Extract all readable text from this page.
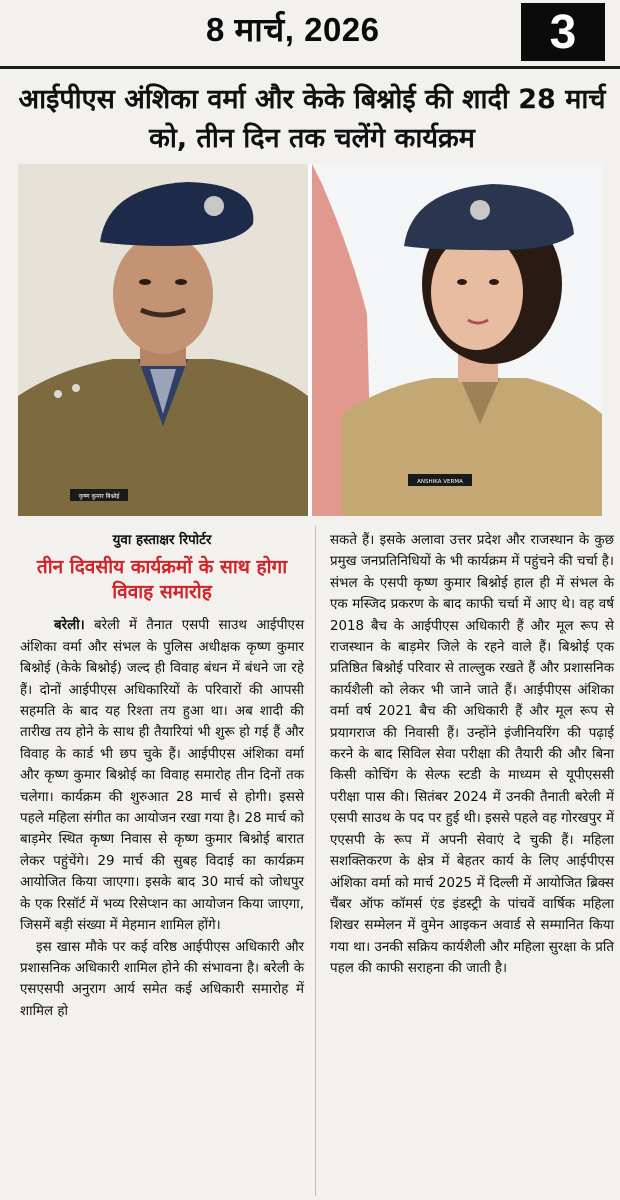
8 मार्च, 2026	3
आईपीएस अंशिका वर्मा और केके बिश्नोई की शादी 28 मार्च को, तीन दिन तक चलेंगे कार्यक्रम
कृष्ण कुमार बिश्नोई
ANSHIKA VERMA
युवा हस्ताक्षर रिपोर्टर
तीन दिवसीय कार्यक्रमों के साथ होगा विवाह समारोह

बरेली। बरेली में तैनात एसपी साउथ आईपीएस अंशिका वर्मा और संभल के पुलिस अधीक्षक कृष्ण कुमार बिश्नोई (केके बिश्नोई) जल्द ही विवाह बंधन में बंधने जा रहे हैं। दोनों आईपीएस अधिकारियों के परिवारों की आपसी सहमति के बाद यह रिश्ता तय हुआ था। अब शादी की तारीख तय होने के साथ ही तैयारियां भी शुरू हो गई हैं और विवाह के कार्ड भी छप चुके हैं। आईपीएस अंशिका वर्मा और कृष्ण कुमार बिश्नोई का विवाह समारोह तीन दिनों तक चलेगा। कार्यक्रम की शुरुआत 28 मार्च से होगी। इससे पहले महिला संगीत का आयोजन रखा गया है। 28 मार्च को बाड़मेर स्थित कृष्ण निवास से कृष्ण कुमार बिश्नोई बारात लेकर पहुंचेंगे। 29 मार्च की सुबह विदाई का कार्यक्रम आयोजित किया जाएगा। इसके बाद 30 मार्च को जोधपुर के एक रिसॉर्ट में भव्य रिसेप्शन का आयोजन किया जाएगा, जिसमें बड़ी संख्या में मेहमान शामिल होंगे।

इस खास मौके पर कई वरिष्ठ आईपीएस अधिकारी और प्रशासनिक अधिकारी शामिल होने की संभावना है। बरेली के एसएसपी अनुराग आर्य समेत कई अधिकारी समारोह में शामिल हो

सकते हैं। इसके अलावा उत्तर प्रदेश और राजस्थान के कुछ प्रमुख जनप्रतिनिधियों के भी कार्यक्रम में पहुंचने की चर्चा है। संभल के एसपी कृष्ण कुमार बिश्नोई हाल ही में संभल के एक मस्जिद प्रकरण के बाद काफी चर्चा में आए थे। वह वर्ष 2018 बैच के आईपीएस अधिकारी हैं और मूल रूप से राजस्थान के बाड़मेर जिले के रहने वाले हैं। बिश्नोई एक प्रतिष्ठित बिश्नोई परिवार से ताल्लुक रखते हैं और प्रशासनिक कार्यशैली को लेकर भी जाने जाते हैं। आईपीएस अंशिका वर्मा वर्ष 2021 बैच की अधिकारी हैं और मूल रूप से प्रयागराज की निवासी हैं। उन्होंने इंजीनियरिंग की पढ़ाई करने के बाद सिविल सेवा परीक्षा की तैयारी की और बिना किसी कोचिंग के सेल्फ स्टडी के माध्यम से यूपीएससी परीक्षा पास की। सितंबर 2024 में उनकी तैनाती बरेली में एसपी साउथ के पद पर हुई थी। इससे पहले वह गोरखपुर में एएसपी के रूप में अपनी सेवाएं दे चुकी हैं। महिला सशक्तिकरण के क्षेत्र में बेहतर कार्य के लिए आईपीएस अंशिका वर्मा को मार्च 2025 में दिल्ली में आयोजित ब्रिक्स चैंबर ऑफ कॉमर्स एंड इंडस्ट्री के पांचवें वार्षिक महिला शिखर सम्मेलन में वुमेन आइकन अवार्ड से सम्मानित किया गया था। उनकी सक्रिय कार्यशैली और महिला सुरक्षा के प्रति पहल की काफी सराहना की जाती है।
